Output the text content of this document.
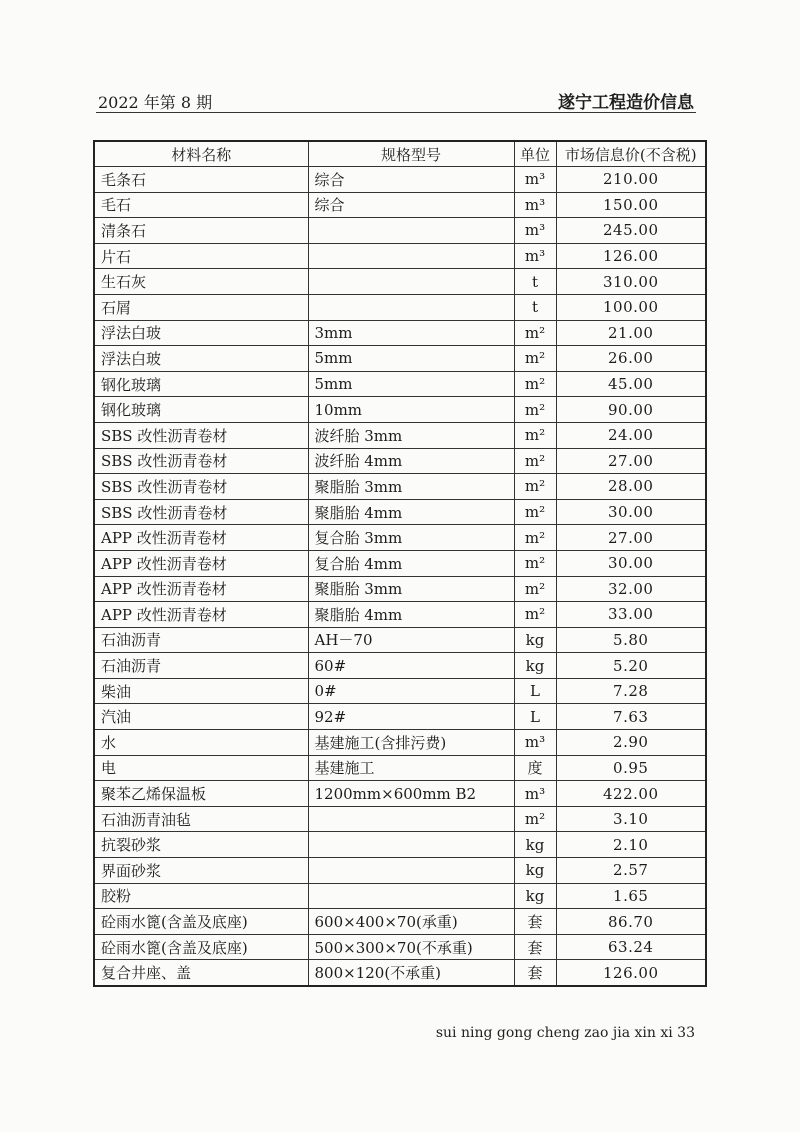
2022 年第 8 期	遂宁工程造价信息
材料名称	规格型号	单位	市场信息价(不含税)
毛条石	综合	m³	210.00
毛石	综合	m³	150.00
清条石		m³	245.00
片石		m³	126.00
生石灰		t	310.00
石屑		t	100.00
浮法白玻	3mm	m²	21.00
浮法白玻	5mm	m²	26.00
钢化玻璃	5mm	m²	45.00
钢化玻璃	10mm	m²	90.00
SBS 改性沥青卷材	波纤胎 3mm	m²	24.00
SBS 改性沥青卷材	波纤胎 4mm	m²	27.00
SBS 改性沥青卷材	聚脂胎 3mm	m²	28.00
SBS 改性沥青卷材	聚脂胎 4mm	m²	30.00
APP 改性沥青卷材	复合胎 3mm	m²	27.00
APP 改性沥青卷材	复合胎 4mm	m²	30.00
APP 改性沥青卷材	聚脂胎 3mm	m²	32.00
APP 改性沥青卷材	聚脂胎 4mm	m²	33.00
石油沥青	AH－70	kg	5.80
石油沥青	60#	kg	5.20
柴油	0#	L	7.28
汽油	92#	L	7.63
水	基建施工(含排污费)	m³	2.90
电	基建施工	度	0.95
聚苯乙烯保温板	1200mm×600mm B2	m³	422.00
石油沥青油毡		m²	3.10
抗裂砂浆		kg	2.10
界面砂浆		kg	2.57
胶粉		kg	1.65
砼雨水篦(含盖及底座)	600×400×70(承重)	套	86.70
砼雨水篦(含盖及底座)	500×300×70(不承重)	套	63.24
复合井座、盖	800×120(不承重)	套	126.00
sui ning gong cheng zao jia xin xi 33
